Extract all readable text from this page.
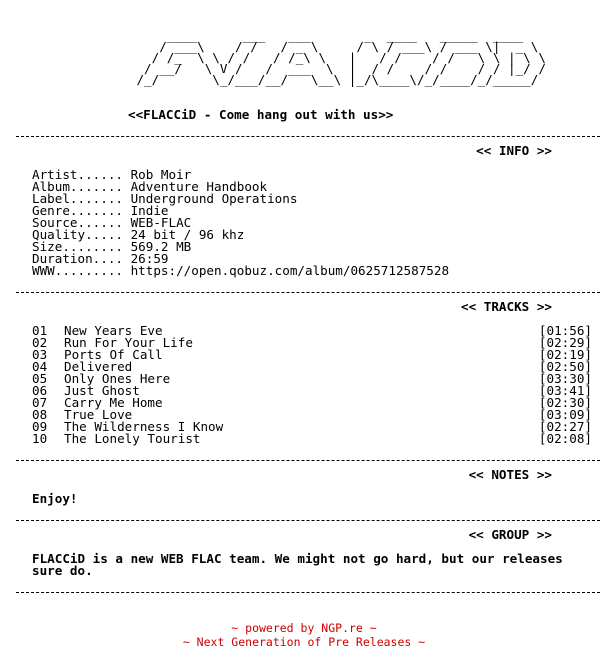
____      ___   ___       _  ____   _____  ____
/ ___\    / /   / _ \     / \ / ___\ / ___ \|  _ \
/ /_  \ \ / /   / /_\ \   |   / /    / /   \ \ | \ \
/ __/   \ V /   /  ___  \  |  / /    / /    / / |_/ /
/_/       \_/___/__/   \__\ |_/\____\/_/____/_/_____/
<<FLACCiD - Come hang out with us>>
<< INFO >>
Artist...... Rob Moir
Album....... Adventure Handbook
Label....... Underground Operations
Genre....... Indie
Source...... WEB-FLAC
Quality..... 24 bit / 96 khz
Size........ 569.2 MB
Duration.... 26:59
WWW......... https://open.qobuz.com/album/0625712587528
<< TRACKS >>
01 New Years Eve	[01:56]
02 Run For Your Life	[02:29]
03 Ports Of Call	[02:19]
04 Delivered	[02:50]
05 Only Ones Here	[03:30]
06 Just Ghost	[03:41]
07 Carry Me Home	[02:30]
08 True Love	[03:09]
09 The Wilderness I Know	[02:27]
10 The Lonely Tourist	[02:08]
<< NOTES >>
Enjoy!
<< GROUP >>
FLACCiD is a new WEB FLAC team. We might not go hard, but our releases
sure do.
~ powered by NGP.re ~
~ Next Generation of Pre Releases ~
